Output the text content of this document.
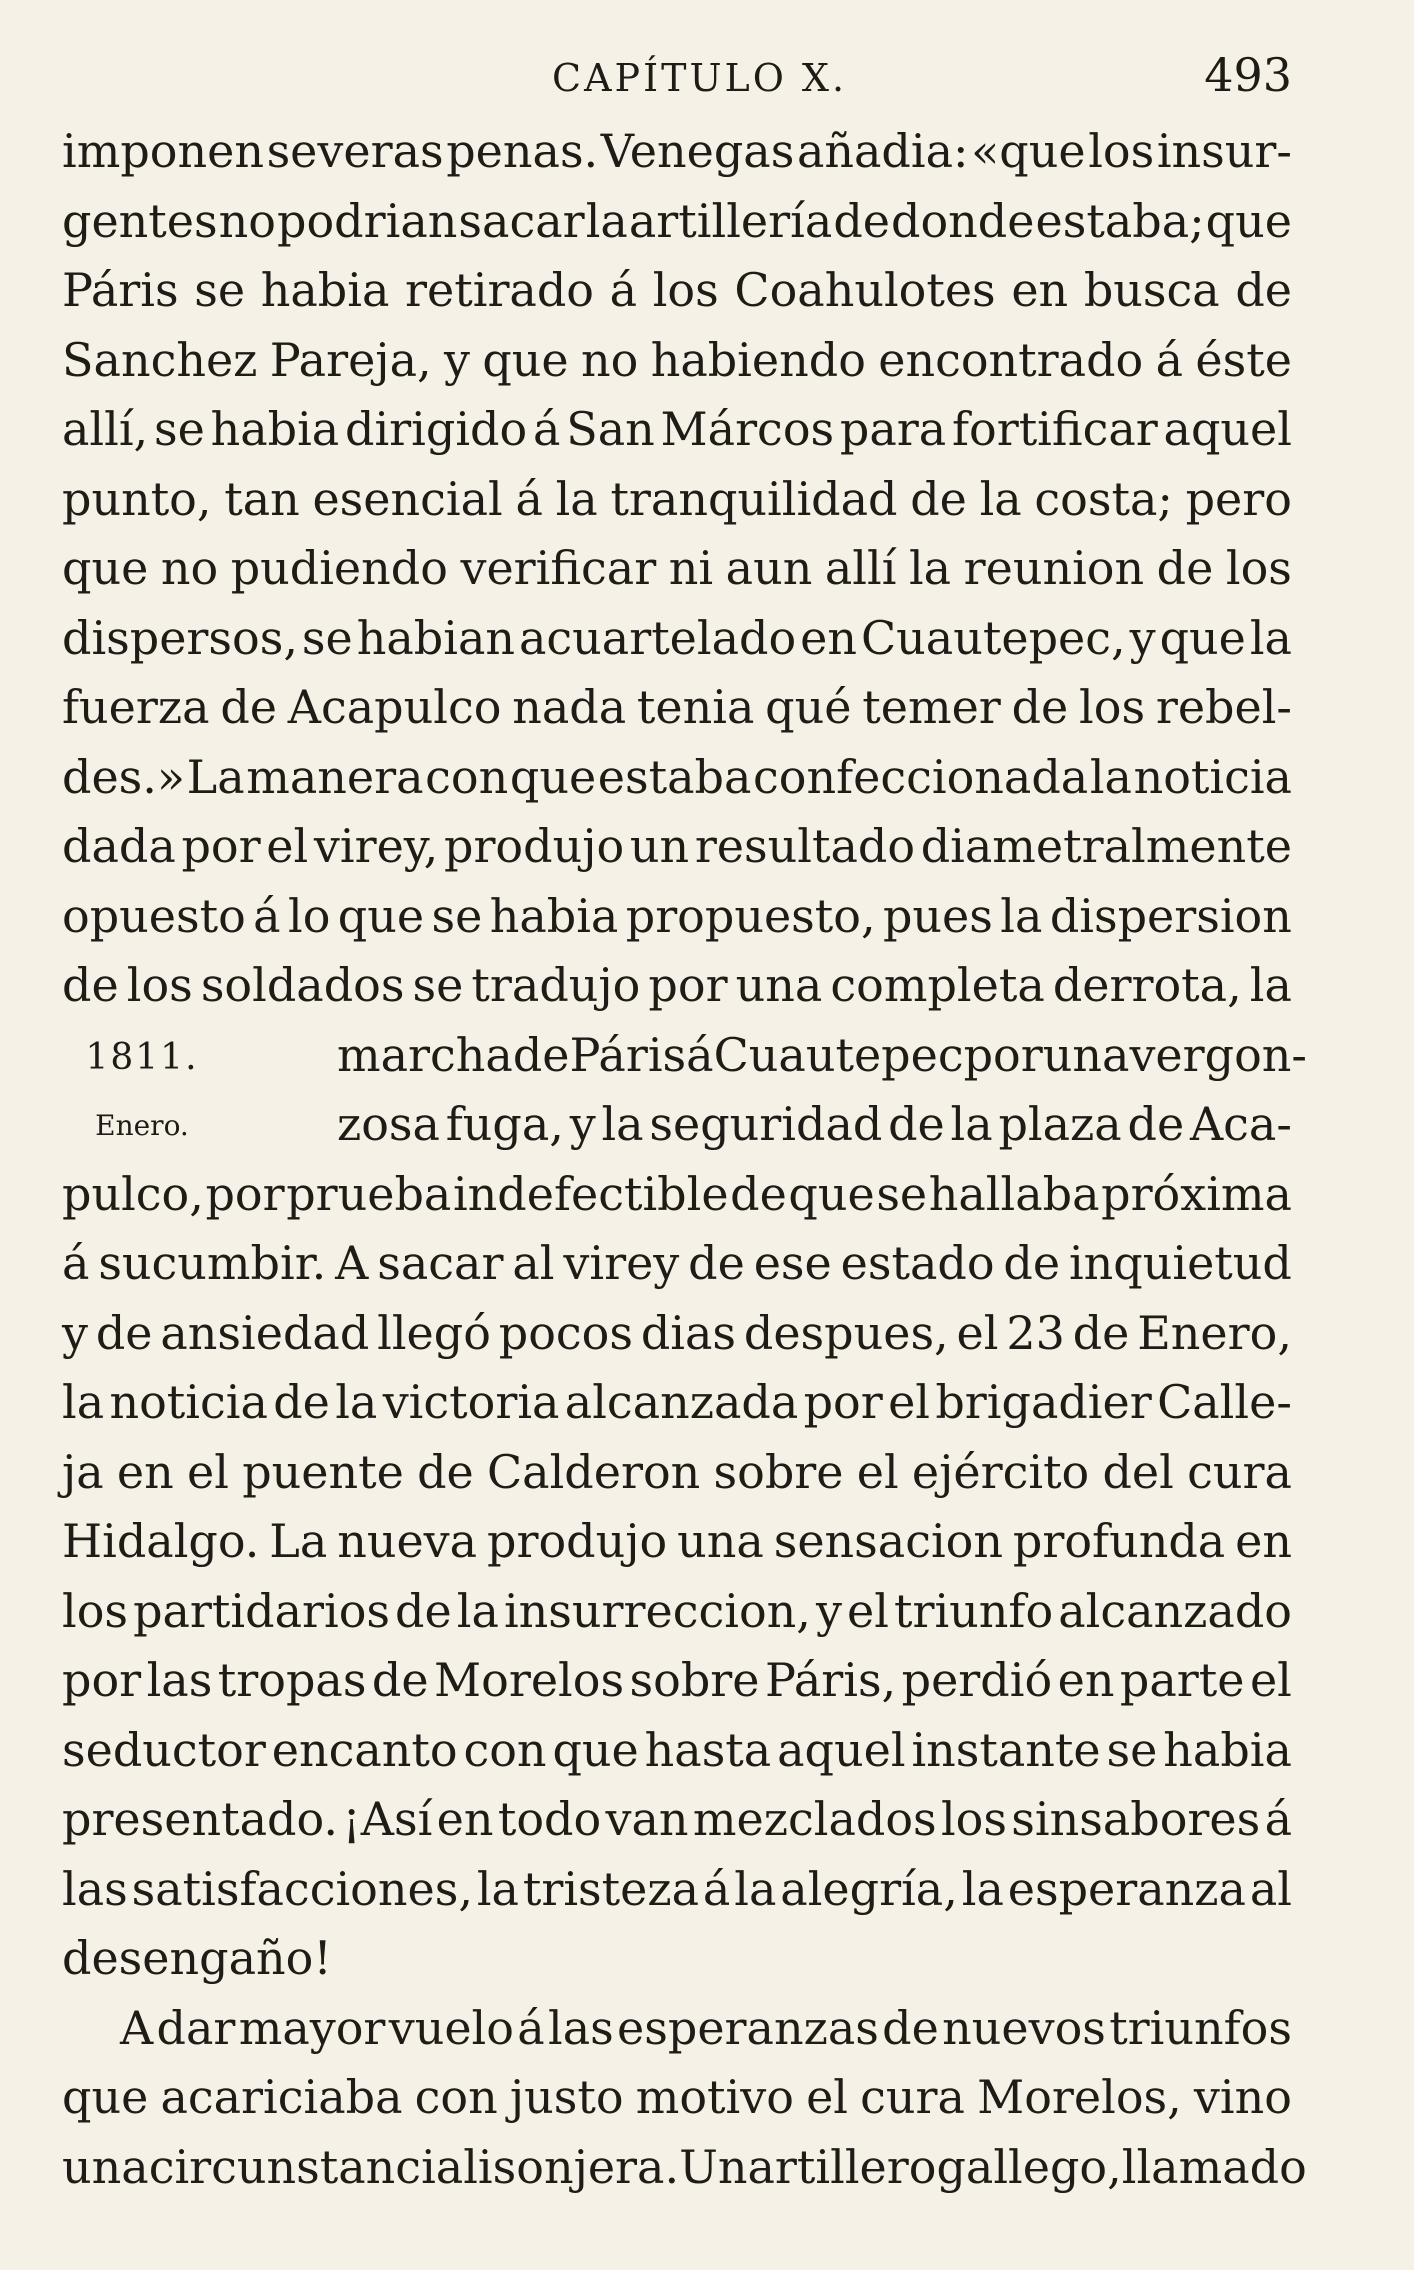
CAPÍTULO X.	493
imponen severas penas. Venegas añadia: «que los insur-
gentes no podrian sacar la artillería de donde estaba; que
Páris se habia retirado á los Coahulotes en busca de
Sanchez Pareja, y que no habiendo encontrado á éste
allí, se habia dirigido á San Márcos para fortificar aquel
punto, tan esencial á la tranquilidad de la costa; pero
que no pudiendo verificar ni aun allí la reunion de los
dispersos, se habian acuartelado en Cuautepec, y que la
fuerza de Acapulco nada tenia qué temer de los rebel-
des.» La manera con que estaba confeccionada la noticia
dada por el virey, produjo un resultado diametralmente
opuesto á lo que se habia propuesto, pues la dispersion
de los soldados se tradujo por una completa derrota, la
1811.	marcha de Páris á Cuautepec por una vergon-
Enero.	zosa fuga, y la seguridad de la plaza de Aca-
pulco, por prueba indefectible de que se hallaba próxima
á sucumbir. A sacar al virey de ese estado de inquietud
y de ansiedad llegó pocos dias despues, el 23 de Enero,
la noticia de la victoria alcanzada por el brigadier Calle-
ja en el puente de Calderon sobre el ejército del cura
Hidalgo. La nueva produjo una sensacion profunda en
los partidarios de la insurreccion, y el triunfo alcanzado
por las tropas de Morelos sobre Páris, perdió en parte el
seductor encanto con que hasta aquel instante se habia
presentado. ¡Así en todo van mezclados los sinsabores á
las satisfacciones, la tristeza á la alegría, la esperanza al
desengaño!
A dar mayor vuelo á las esperanzas de nuevos triunfos
que acariciaba con justo motivo el cura Morelos, vino
una circunstancia lisonjera. Un artillero gallego, llamado
